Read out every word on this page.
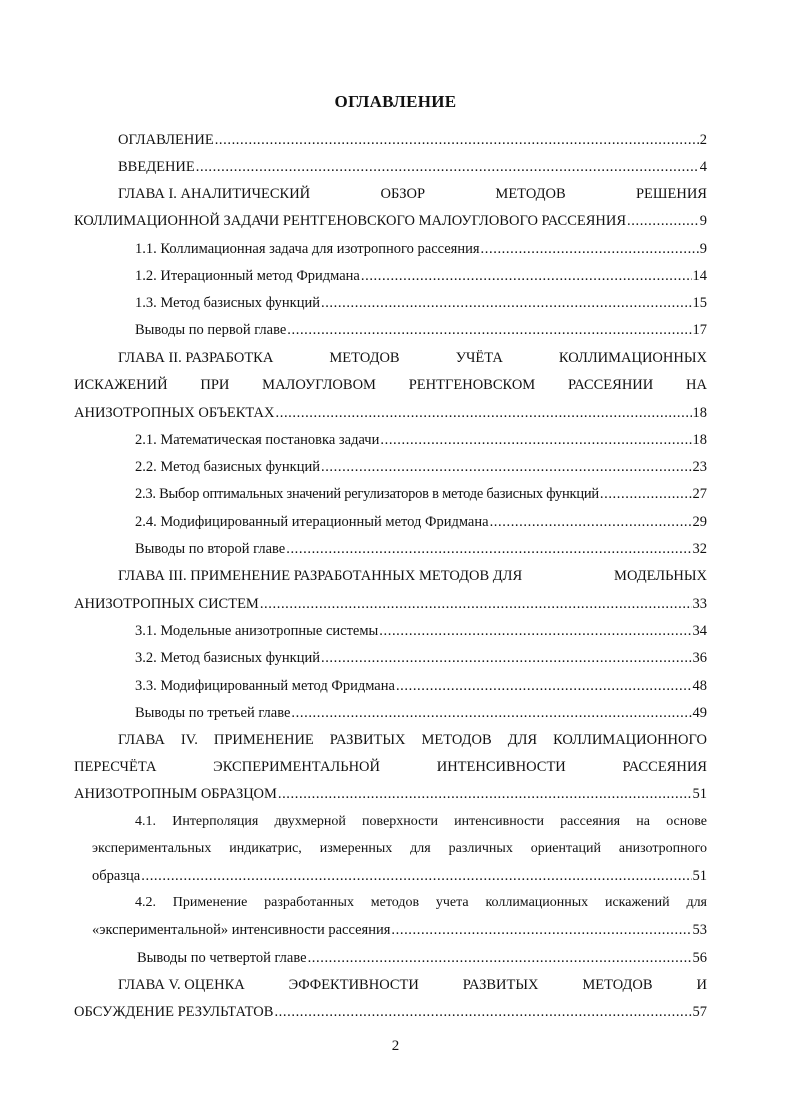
ОГЛАВЛЕНИЕ
ОГЛАВЛЕНИЕ .....	2
ВВЕДЕНИЕ .....	4
ГЛАВА I. АНАЛИТИЧЕСКИЙ	ОБЗОР	МЕТОДОВ	РЕШЕНИЯ
КОЛЛИМАЦИОННОЙ ЗАДАЧИ РЕНТГЕНОВСКОГО МАЛОУГЛОВОГО РАССЕЯНИЯ .....	9
1.1. Коллимационная задача для изотропного рассеяния .....	9
1.2. Итерационный метод Фридмана .....	14
1.3. Метод базисных функций .....	15
Выводы по первой главе .....	17
ГЛАВА II. РАЗРАБОТКА	МЕТОДОВ	УЧЁТА	КОЛЛИМАЦИОННЫХ
ИСКАЖЕНИЙ ПРИ МАЛОУГЛОВОМ РЕНТГЕНОВСКОМ РАССЕЯНИИ НА
АНИЗОТРОПНЫХ ОБЪЕКТАХ .....	18
2.1. Математическая постановка задачи .....	18
2.2. Метод базисных функций .....	23
2.3. Выбор оптимальных значений регулизаторов в методе базисных функций .....	27
2.4. Модифицированный итерационный метод Фридмана .....	29
Выводы по второй главе .....	32
ГЛАВА III. ПРИМЕНЕНИЕ РАЗРАБОТАННЫХ МЕТОДОВ ДЛЯ	МОДЕЛЬНЫХ
АНИЗОТРОПНЫХ СИСТЕМ .....	33
3.1. Модельные анизотропные системы .....	34
3.2. Метод базисных функций .....	36
3.3. Модифицированный метод Фридмана .....	48
Выводы по третьей главе .....	49
ГЛАВА IV. ПРИМЕНЕНИЕ РАЗВИТЫХ МЕТОДОВ ДЛЯ КОЛЛИМАЦИОННОГО
ПЕРЕСЧЁТА	ЭКСПЕРИМЕНТАЛЬНОЙ	ИНТЕНСИВНОСТИ	РАССЕЯНИЯ
АНИЗОТРОПНЫМ ОБРАЗЦОМ .....	51
4.1. Интерполяция двухмерной поверхности интенсивности рассеяния на основе
экспериментальных индикатрис, измеренных для различных ориентаций анизотропного
образца .....	51
4.2. Применение разработанных методов учета коллимационных искажений для
«экспериментальной» интенсивности рассеяния .....	53
Выводы по четвертой главе .....	56
ГЛАВА V. ОЦЕНКА	ЭФФЕКТИВНОСТИ	РАЗВИТЫХ	МЕТОДОВ	И
ОБСУЖДЕНИЕ РЕЗУЛЬТАТОВ .....	57
2
